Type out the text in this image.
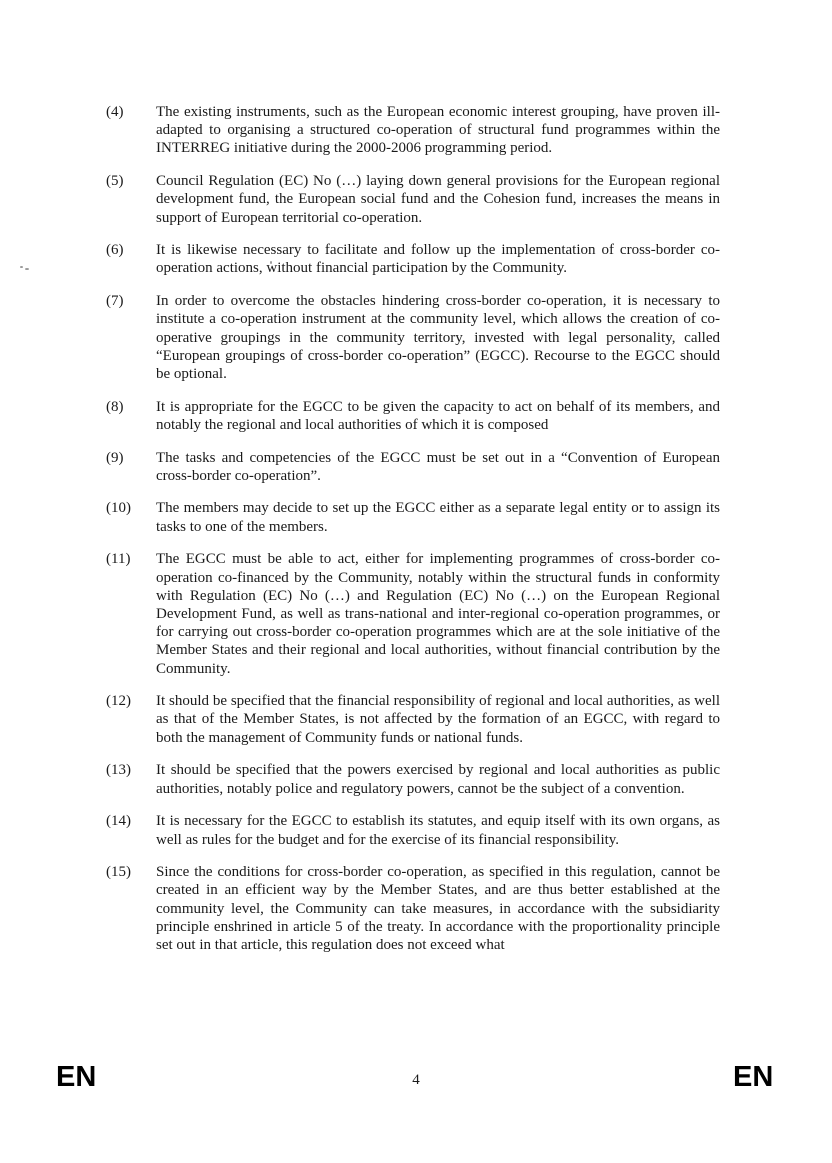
(4)	The existing instruments, such as the European economic interest grouping, have proven ill-adapted to organising a structured co-operation of structural fund programmes within the INTERREG initiative during the 2000-2006 programming period.
(5)	Council Regulation (EC) No (…) laying down general provisions for the European regional development fund, the European social fund and the Cohesion fund, increases the means in support of European territorial co-operation.
(6)	It is likewise necessary to facilitate and follow up the implementation of cross-border co-operation actions, without financial participation by the Community.
(7)	In order to overcome the obstacles hindering cross-border co-operation, it is necessary to institute a co-operation instrument at the community level, which allows the creation of co-operative groupings in the community territory, invested with legal personality, called “European groupings of cross-border co-operation” (EGCC). Recourse to the EGCC should be optional.
(8)	It is appropriate for the EGCC to be given the capacity to act on behalf of its members, and notably the regional and local authorities of which it is composed
(9)	The tasks and competencies of the EGCC must be set out in a “Convention of European cross-border co-operation”.
(10)	The members may decide to set up the EGCC either as a separate legal entity or to assign its tasks to one of the members.
(11)	The EGCC must be able to act, either for implementing programmes of cross-border co-operation co-financed by the Community, notably within the structural funds in conformity with Regulation (EC) No (…) and Regulation (EC) No (…) on the European Regional Development Fund, as well as trans-national and inter-regional co-operation programmes, or for carrying out cross-border co-operation programmes which are at the sole initiative of the Member States and their regional and local authorities, without financial contribution by the Community.
(12)	It should be specified that the financial responsibility of regional and local authorities, as well as that of the Member States, is not affected by the formation of an EGCC, with regard to both the management of Community funds or national funds.
(13)	It should be specified that the powers exercised by regional and local authorities as public authorities, notably police and regulatory powers, cannot be the subject of a convention.
(14)	It is necessary for the EGCC to establish its statutes, and equip itself with its own organs, as well as rules for the budget and for the exercise of its financial responsibility.
(15)	Since the conditions for cross-border co-operation, as specified in this regulation, cannot be created in an efficient way by the Member States, and are thus better established at the community level, the Community can take measures, in accordance with the subsidiarity principle enshrined in article 5 of the treaty. In accordance with the proportionality principle set out in that article, this regulation does not exceed what
EN	4	EN
